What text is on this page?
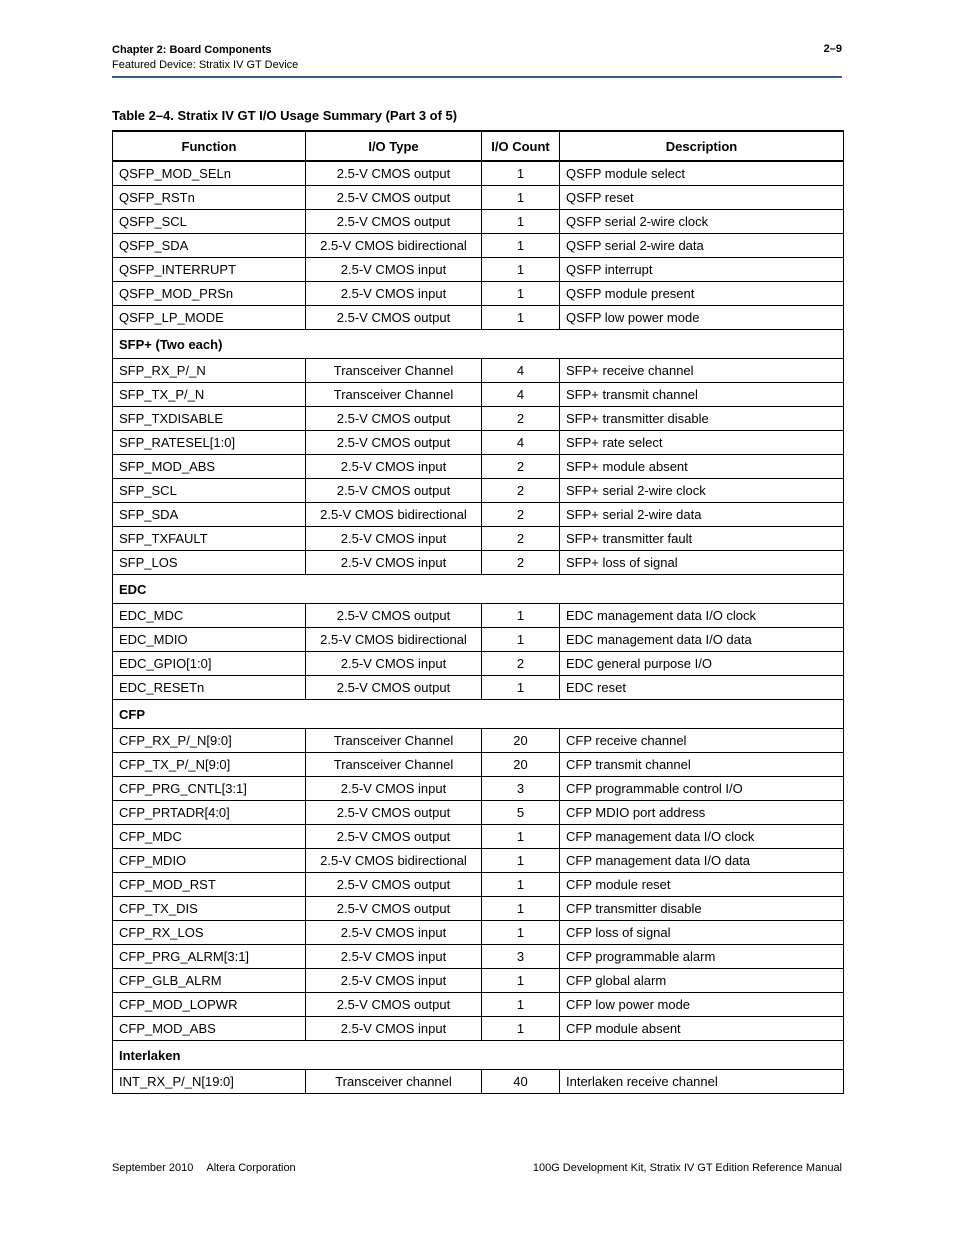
Chapter 2: Board Components
Featured Device: Stratix IV GT Device
2–9
Table 2–4. Stratix IV GT I/O Usage Summary (Part 3 of 5)
Function	I/O Type	I/O Count	Description
QSFP_MOD_SELn	2.5-V CMOS output	1	QSFP module select
QSFP_RSTn	2.5-V CMOS output	1	QSFP reset
QSFP_SCL	2.5-V CMOS output	1	QSFP serial 2-wire clock
QSFP_SDA	2.5-V CMOS bidirectional	1	QSFP serial 2-wire data
QSFP_INTERRUPT	2.5-V CMOS input	1	QSFP interrupt
QSFP_MOD_PRSn	2.5-V CMOS input	1	QSFP module present
QSFP_LP_MODE	2.5-V CMOS output	1	QSFP low power mode
SFP+ (Two each)			
SFP_RX_P/_N	Transceiver Channel	4	SFP+ receive channel
SFP_TX_P/_N	Transceiver Channel	4	SFP+ transmit channel
SFP_TXDISABLE	2.5-V CMOS output	2	SFP+ transmitter disable
SFP_RATESEL[1:0]	2.5-V CMOS output	4	SFP+ rate select
SFP_MOD_ABS	2.5-V CMOS input	2	SFP+ module absent
SFP_SCL	2.5-V CMOS output	2	SFP+ serial 2-wire clock
SFP_SDA	2.5-V CMOS bidirectional	2	SFP+ serial 2-wire data
SFP_TXFAULT	2.5-V CMOS input	2	SFP+ transmitter fault
SFP_LOS	2.5-V CMOS input	2	SFP+ loss of signal
EDC			
EDC_MDC	2.5-V CMOS output	1	EDC management data I/O clock
EDC_MDIO	2.5-V CMOS bidirectional	1	EDC management data I/O data
EDC_GPIO[1:0]	2.5-V CMOS input	2	EDC general purpose I/O
EDC_RESETn	2.5-V CMOS output	1	EDC reset
CFP			
CFP_RX_P/_N[9:0]	Transceiver Channel	20	CFP receive channel
CFP_TX_P/_N[9:0]	Transceiver Channel	20	CFP transmit channel
CFP_PRG_CNTL[3:1]	2.5-V CMOS input	3	CFP programmable control I/O
CFP_PRTADR[4:0]	2.5-V CMOS output	5	CFP MDIO port address
CFP_MDC	2.5-V CMOS output	1	CFP management data I/O clock
CFP_MDIO	2.5-V CMOS bidirectional	1	CFP management data I/O data
CFP_MOD_RST	2.5-V CMOS output	1	CFP module reset
CFP_TX_DIS	2.5-V CMOS output	1	CFP transmitter disable
CFP_RX_LOS	2.5-V CMOS input	1	CFP loss of signal
CFP_PRG_ALRM[3:1]	2.5-V CMOS input	3	CFP programmable alarm
CFP_GLB_ALRM	2.5-V CMOS input	1	CFP global alarm
CFP_MOD_LOPWR	2.5-V CMOS output	1	CFP low power mode
CFP_MOD_ABS	2.5-V CMOS input	1	CFP module absent
Interlaken			
INT_RX_P/_N[19:0]	Transceiver channel	40	Interlaken receive channel
September 2010 Altera Corporation	100G Development Kit, Stratix IV GT Edition Reference Manual
